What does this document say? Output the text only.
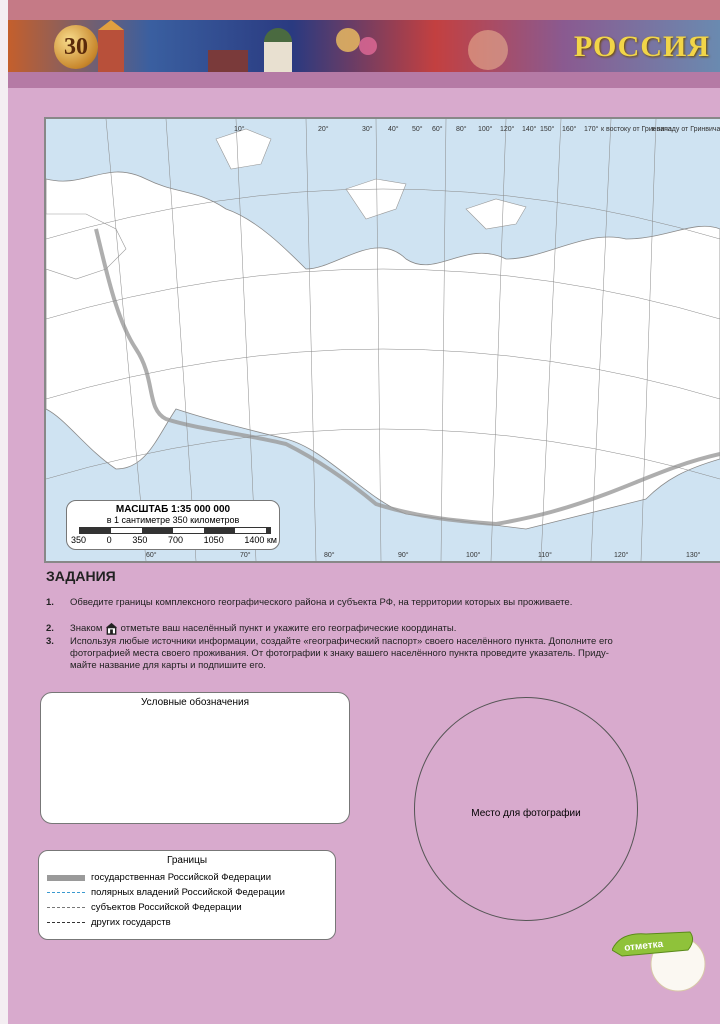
30	РОССИЯ
10°	20°	30° 40° 50° 60° 80° 100° 120° 140° 150° 160° 170° к востоку от Гринвича
к западу от Гринвича
60°	70°	80°	90°	100°	110°	120°	130°
МАСШТАБ 1:35 000 000
в 1 сантиметре 350 километров
350 0 350 700 1050 1400 км
ЗАДАНИЯ
1. Обведите границы комплексного географического района и субъекта РФ, на территории которых вы проживаете.
2. Знаком отметьте ваш населённый пункт и укажите его географические координаты.
3. Используя любые источники информации, создайте «географический паспорт» своего населённого пункта. Дополните его
фотографией места своего проживания. От фотографии к знаку вашего населённого пункта проведите указатель. Приду-
майте название для карты и подпишите его.
Условные обозначения
Место для фотографии
Границы
государственная Российской Федерации
полярных владений Российской Федерации
субъектов Российской Федерации
других государств
отметка
